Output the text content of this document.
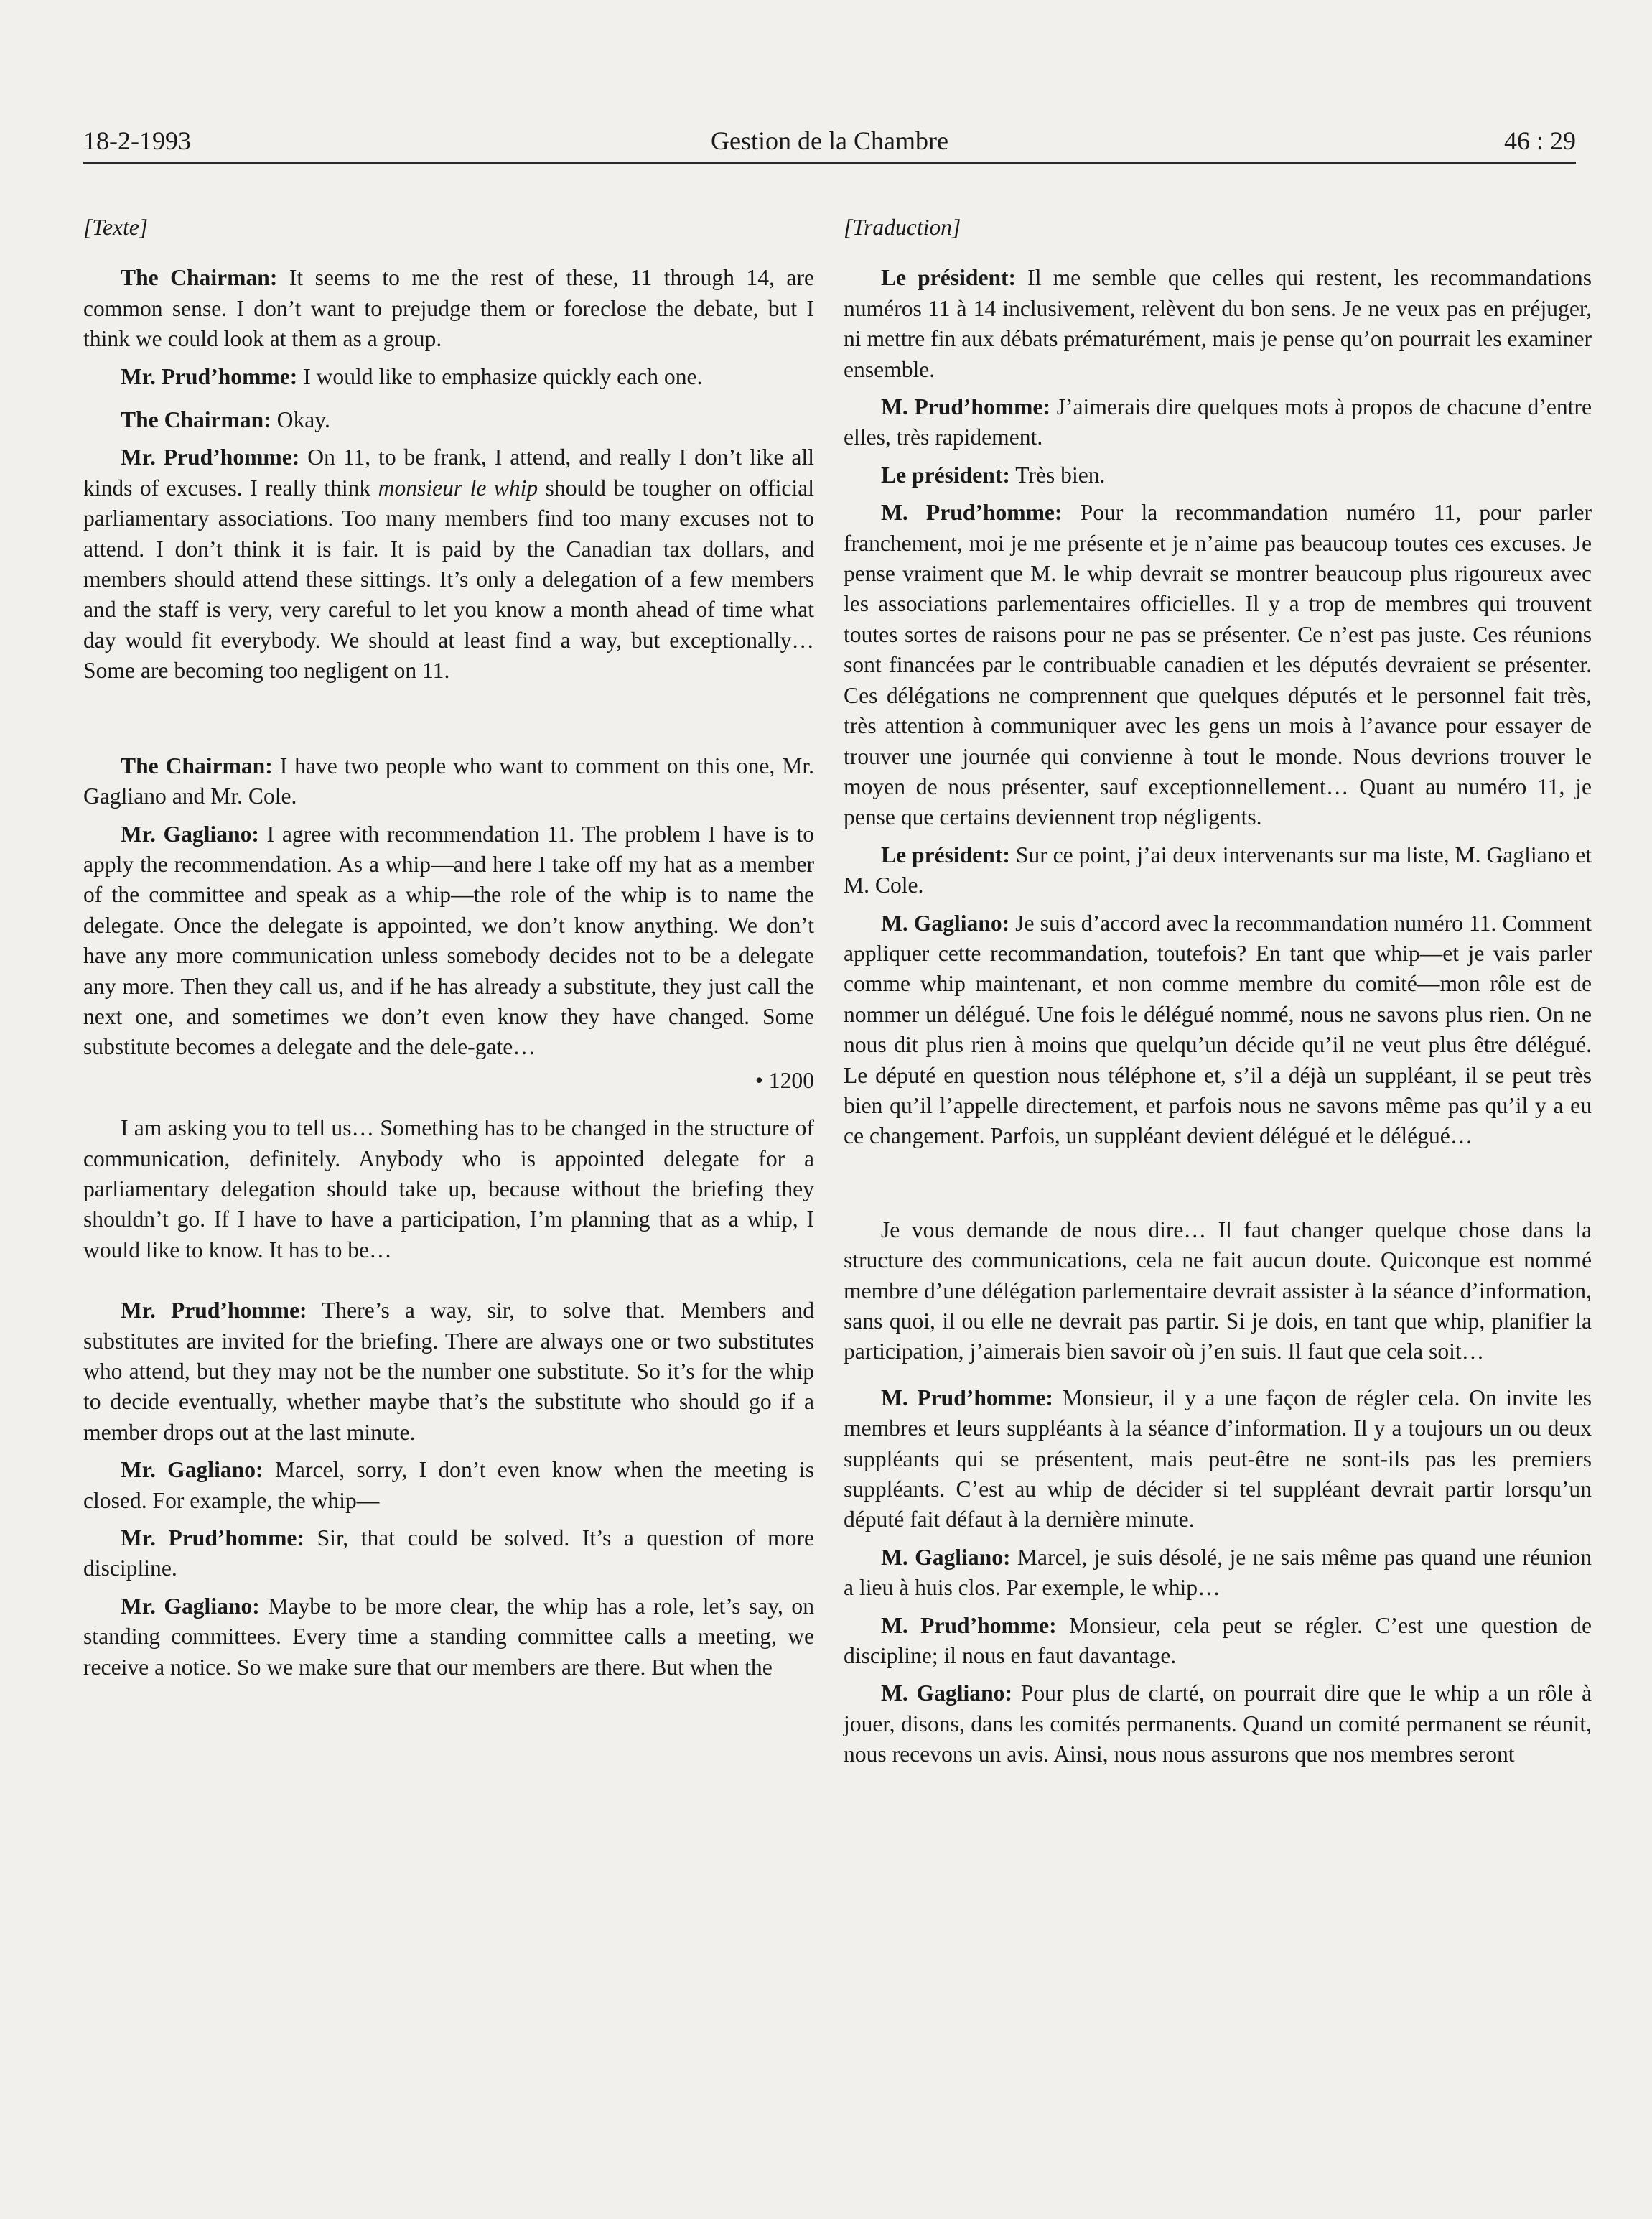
18-2-1993	Gestion de la Chambre	46 : 29

[Texte]

The Chairman: It seems to me the rest of these, 11 through 14, are common sense. I don’t want to prejudge them or foreclose the debate, but I think we could look at them as a group.

Mr. Prud’homme: I would like to emphasize quickly each one.

The Chairman: Okay.

Mr. Prud’homme: On 11, to be frank, I attend, and really I don’t like all kinds of excuses. I really think monsieur le whip should be tougher on official parliamentary associations. Too many members find too many excuses not to attend. I don’t think it is fair. It is paid by the Canadian tax dollars, and members should attend these sittings. It’s only a delegation of a few members and the staff is very, very careful to let you know a month ahead of time what day would fit everybody. We should at least find a way, but exceptionally… Some are becoming too negligent on 11.

The Chairman: I have two people who want to comment on this one, Mr. Gagliano and Mr. Cole.

Mr. Gagliano: I agree with recommendation 11. The problem I have is to apply the recommendation. As a whip—and here I take off my hat as a member of the committee and speak as a whip—the role of the whip is to name the delegate. Once the delegate is appointed, we don’t know anything. We don’t have any more communication unless somebody decides not to be a delegate any more. Then they call us, and if he has already a substitute, they just call the next one, and sometimes we don’t even know they have changed. Some substitute becomes a delegate and the dele-gate…

• 1200

I am asking you to tell us… Something has to be changed in the structure of communication, definitely. Anybody who is appointed delegate for a parliamentary delegation should take up, because without the briefing they shouldn’t go. If I have to have a participation, I’m planning that as a whip, I would like to know. It has to be…

Mr. Prud’homme: There’s a way, sir, to solve that. Members and substitutes are invited for the briefing. There are always one or two substitutes who attend, but they may not be the number one substitute. So it’s for the whip to decide eventually, whether maybe that’s the substitute who should go if a member drops out at the last minute.

Mr. Gagliano: Marcel, sorry, I don’t even know when the meeting is closed. For example, the whip—

Mr. Prud’homme: Sir, that could be solved. It’s a question of more discipline.

Mr. Gagliano: Maybe to be more clear, the whip has a role, let’s say, on standing committees. Every time a standing committee calls a meeting, we receive a notice. So we make sure that our members are there. But when the

[Traduction]

Le président: Il me semble que celles qui restent, les recommandations numéros 11 à 14 inclusivement, relèvent du bon sens. Je ne veux pas en préjuger, ni mettre fin aux débats prématurément, mais je pense qu’on pourrait les examiner ensemble.

M. Prud’homme: J’aimerais dire quelques mots à propos de chacune d’entre elles, très rapidement.

Le président: Très bien.

M. Prud’homme: Pour la recommandation numéro 11, pour parler franchement, moi je me présente et je n’aime pas beaucoup toutes ces excuses. Je pense vraiment que M. le whip devrait se montrer beaucoup plus rigoureux avec les associations parlementaires officielles. Il y a trop de membres qui trouvent toutes sortes de raisons pour ne pas se présenter. Ce n’est pas juste. Ces réunions sont financées par le contribuable canadien et les députés devraient se présenter. Ces délégations ne comprennent que quelques députés et le personnel fait très, très attention à communiquer avec les gens un mois à l’avance pour essayer de trouver une journée qui convienne à tout le monde. Nous devrions trouver le moyen de nous présenter, sauf exceptionnellement… Quant au numéro 11, je pense que certains deviennent trop négligents.

Le président: Sur ce point, j’ai deux intervenants sur ma liste, M. Gagliano et M. Cole.

M. Gagliano: Je suis d’accord avec la recommandation numéro 11. Comment appliquer cette recommandation, toutefois? En tant que whip—et je vais parler comme whip maintenant, et non comme membre du comité—mon rôle est de nommer un délégué. Une fois le délégué nommé, nous ne savons plus rien. On ne nous dit plus rien à moins que quelqu’un décide qu’il ne veut plus être délégué. Le député en question nous téléphone et, s’il a déjà un suppléant, il se peut très bien qu’il l’appelle directement, et parfois nous ne savons même pas qu’il y a eu ce changement. Parfois, un suppléant devient délégué et le délégué…

Je vous demande de nous dire… Il faut changer quelque chose dans la structure des communications, cela ne fait aucun doute. Quiconque est nommé membre d’une délégation parlementaire devrait assister à la séance d’information, sans quoi, il ou elle ne devrait pas partir. Si je dois, en tant que whip, planifier la participation, j’aimerais bien savoir où j’en suis. Il faut que cela soit…

M. Prud’homme: Monsieur, il y a une façon de régler cela. On invite les membres et leurs suppléants à la séance d’information. Il y a toujours un ou deux suppléants qui se présentent, mais peut-être ne sont-ils pas les premiers suppléants. C’est au whip de décider si tel suppléant devrait partir lorsqu’un député fait défaut à la dernière minute.

M. Gagliano: Marcel, je suis désolé, je ne sais même pas quand une réunion a lieu à huis clos. Par exemple, le whip…

M. Prud’homme: Monsieur, cela peut se régler. C’est une question de discipline; il nous en faut davantage.

M. Gagliano: Pour plus de clarté, on pourrait dire que le whip a un rôle à jouer, disons, dans les comités permanents. Quand un comité permanent se réunit, nous recevons un avis. Ainsi, nous nous assurons que nos membres seront
